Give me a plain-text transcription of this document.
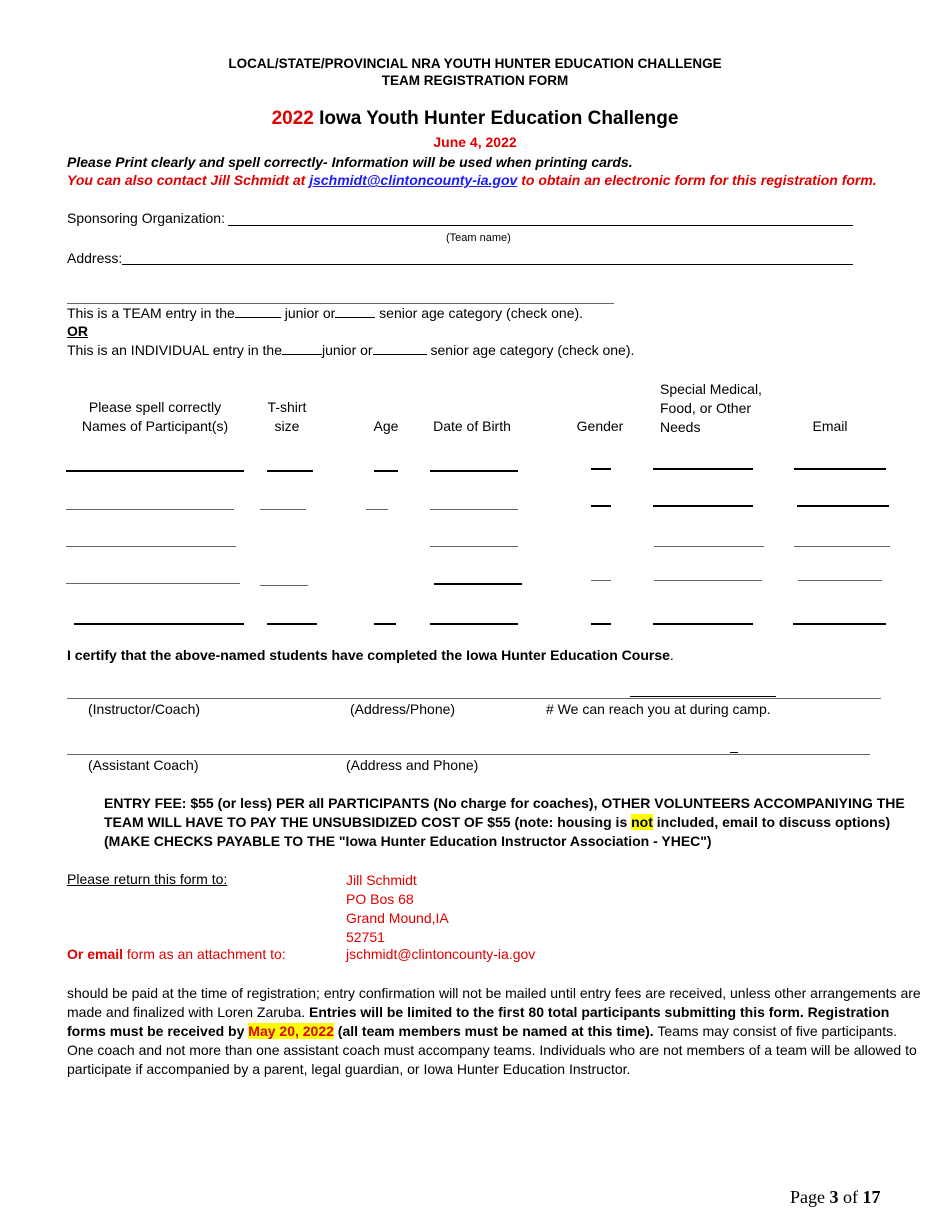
LOCAL/STATE/PROVINCIAL NRA YOUTH HUNTER EDUCATION CHALLENGE
TEAM REGISTRATION FORM
2022 Iowa Youth Hunter Education Challenge
June 4, 2022
Please Print clearly and spell correctly- Information will be used when printing cards.
You can also contact Jill Schmidt at jschmidt@clintoncounty-ia.gov to obtain an electronic form for this registration form.
Sponsoring Organization:
(Team name)
Address:
This is a TEAM entry in the	junior or	senior age category (check one).
OR
This is an INDIVIDUAL entry in the	junior or	senior age category (check one).
Please spell correctly
Names of Participant(s)
T-shirt
size	Age	Date of Birth	Gender
Special Medical,
Food, or Other
Needs	Email
I certify that the above-named students have completed the Iowa Hunter Education Course.
(Instructor/Coach)	(Address/Phone)	# We can reach you at during camp.
(Assistant Coach)	(Address and Phone)
ENTRY FEE: $55 (or less) PER all PARTICIPANTS (No charge for coaches), OTHER VOLUNTEERS ACCOMPANIYING THE TEAM WILL HAVE TO PAY THE UNSUBSIDIZED COST OF $55 (note: housing is not included, email to discuss options) (MAKE CHECKS PAYABLE TO THE "Iowa Hunter Education Instructor Association - YHEC")
Please return this form to:	Jill Schmidt
PO Bos 68
Grand Mound,IA
52751
Or email form as an attachment to:	jschmidt@clintoncounty-ia.gov
should be paid at the time of registration; entry confirmation will not be mailed until entry fees are received, unless other arrangements are made and finalized with Loren Zaruba. Entries will be limited to the first 80 total participants submitting this form. Registration forms must be received by May 20, 2022 (all team members must be named at this time). Teams may consist of five participants. One coach and not more than one assistant coach must accompany teams. Individuals who are not members of a team will be allowed to participate if accompanied by a parent, legal guardian, or Iowa Hunter Education Instructor.
Page 3 of 17
